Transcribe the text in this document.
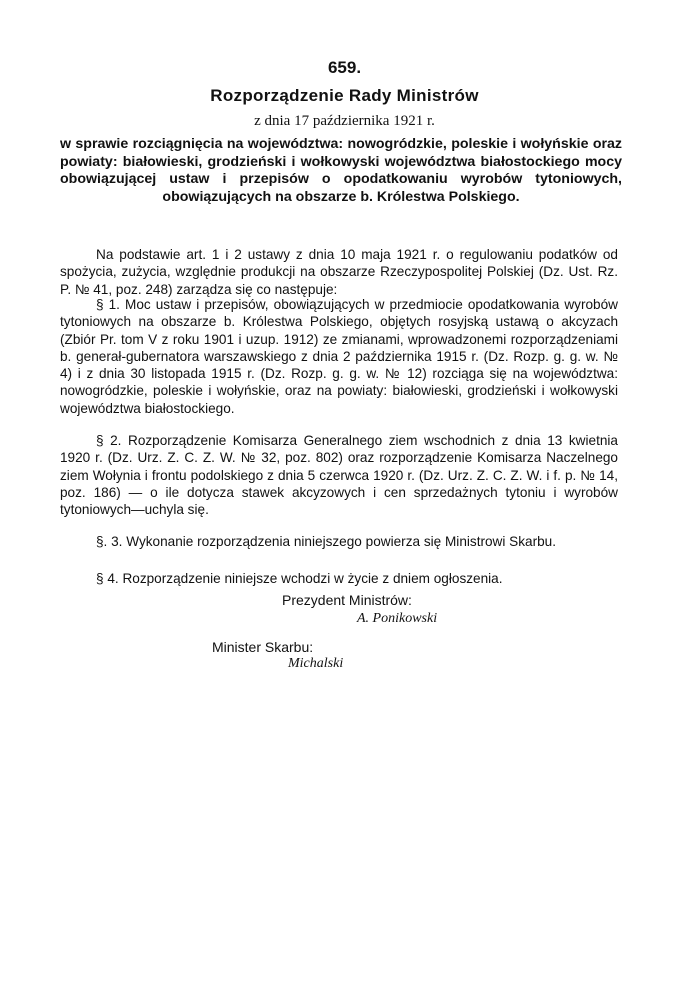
659.
Rozporządzenie Rady Ministrów
z dnia 17 października 1921 r.
w sprawie rozciągnięcia na województwa: nowogródzkie, poleskie i wołyńskie oraz powiaty: białowieski, grodzieński i wołkowyski województwa białostockiego mocy obowiązującej ustaw i przepisów o opodatkowaniu wyrobów tytoniowych, obowiązujących na obszarze b. Królestwa Polskiego.
Na podstawie art. 1 i 2 ustawy z dnia 10 maja 1921 r. o regulowaniu podatków od spożycia, zużycia, względnie produkcji na obszarze Rzeczypospolitej Polskiej (Dz. Ust. Rz. P. № 41, poz. 248) zarządza się co następuje:
§ 1. Moc ustaw i przepisów, obowiązujących w przedmiocie opodatkowania wyrobów tytoniowych na obszarze b. Królestwa Polskiego, objętych rosyjską ustawą o akcyzach (Zbiór Pr. tom V z roku 1901 i uzup. 1912) ze zmianami, wprowadzonemi rozporządzeniami b. generał-gubernatora warszawskiego z dnia 2 października 1915 r. (Dz. Rozp. g. g. w. № 4) i z dnia 30 listopada 1915 r. (Dz. Rozp. g. g. w. № 12) rozciąga się na województwa: nowogródzkie, poleskie i wołyńskie, oraz na powiaty: białowieski, grodzieński i wołkowyski województwa białostockiego.
§ 2. Rozporządzenie Komisarza Generalnego ziem wschodnich z dnia 13 kwietnia 1920 r. (Dz. Urz. Z. C. Z. W. № 32, poz. 802) oraz rozporządzenie Komisarza Naczelnego ziem Wołynia i frontu podolskiego z dnia 5 czerwca 1920 r. (Dz. Urz. Z. C. Z. W. i f. p. № 14, poz. 186) — o ile dotycza stawek akcyzowych i cen sprzedażnych tytoniu i wyrobów tytoniowych—uchyla się.
§. 3. Wykonanie rozporządzenia niniejszego powierza się Ministrowi Skarbu.
§ 4. Rozporządzenie niniejsze wchodzi w życie z dniem ogłoszenia.
Prezydent Ministrów:
A. Ponikowski
Minister Skarbu:
Michalski
